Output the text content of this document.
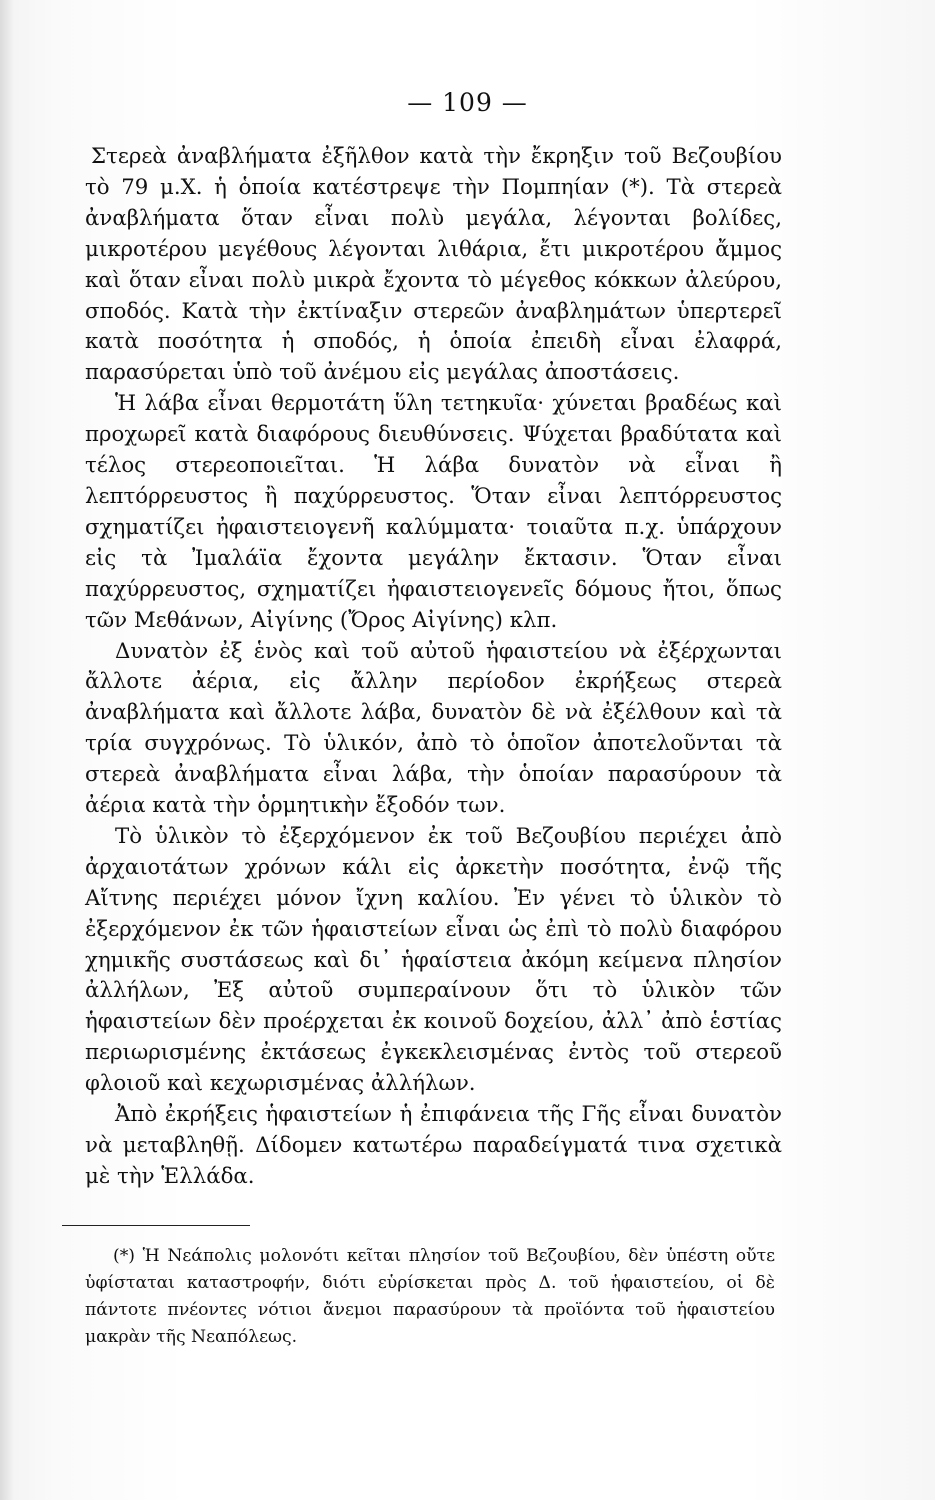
— 109 —

Στερεὰ ἀναβλήματα ἐξῆλθον κατὰ τὴν ἔκρηξιν τοῦ Βεζουβίου τὸ 79 μ.Χ. ἡ ὁποία κατέστρεψε τὴν Πομπηίαν (*). Τὰ στερεὰ ἀναβλήματα ὅταν εἶναι πολὺ μεγάλα, λέγονται βολίδες, μικροτέρου μεγέθους λέγονται λιθάρια, ἔτι μικροτέρου ἄμμος καὶ ὅταν εἶναι πολὺ μικρὰ ἔχοντα τὸ μέγεθος κόκκων ἀλεύρου, σποδός. Κατὰ τὴν ἐκτίναξιν στερεῶν ἀναβλημάτων ὑπερτερεῖ κατὰ ποσότητα ἡ σποδός, ἡ ὁποία ἐπειδὴ εἶναι ἐλαφρά, παρασύρεται ὑπὸ τοῦ ἀνέμου εἰς μεγάλας ἀποστάσεις.

Ἡ λάβα εἶναι θερμοτάτη ὕλη τετηκυῖα· χύνεται βραδέως καὶ προχωρεῖ κατὰ διαφόρους διευθύνσεις. Ψύχεται βραδύτατα καὶ τέλος στερεοποιεῖται. Ἡ λάβα δυνατὸν νὰ εἶναι ἢ λεπτόρρευστος ἢ παχύρρευστος. Ὅταν εἶναι λεπτόρρευστος σχηματίζει ἠφαιστειογενῆ καλύμματα· τοιαῦτα π.χ. ὑπάρχουν εἰς τὰ Ἰμαλάϊα ἔχοντα μεγάλην ἔκτασιν. Ὅταν εἶναι παχύρρευστος, σχηματίζει ἠφαιστειογενεῖς δόμους ἤτοι, ὅπως τῶν Μεθάνων, Αἰγίνης (Ὄρος Αἰγίνης) κλπ.

Δυνατὸν ἐξ ἑνὸς καὶ τοῦ αὐτοῦ ἡφαιστείου νὰ ἐξέρχωνται ἄλλοτε ἀέρια, εἰς ἄλλην περίοδον ἐκρήξεως στερεὰ ἀναβλήματα καὶ ἄλλοτε λάβα, δυνατὸν δὲ νὰ ἐξέλθουν καὶ τὰ τρία συγχρόνως. Τὸ ὑλικόν, ἀπὸ τὸ ὁποῖον ἀποτελοῦνται τὰ στερεὰ ἀναβλήματα εἶναι λάβα, τὴν ὁποίαν παρασύρουν τὰ ἀέρια κατὰ τὴν ὁρμητικὴν ἔξοδόν των.

Τὸ ὑλικὸν τὸ ἐξερχόμενον ἐκ τοῦ Βεζουβίου περιέχει ἀπὸ ἀρχαιοτάτων χρόνων κάλι εἰς ἀρκετὴν ποσότητα, ἐνῷ τῆς Αἴτνης περιέχει μόνον ἴχνη καλίου. Ἐν γένει τὸ ὑλικὸν τὸ ἐξερχόμενον ἐκ τῶν ἡφαιστείων εἶναι ὡς ἐπὶ τὸ πολὺ διαφόρου χημικῆς συστάσεως καὶ δι᾽ ἡφαίστεια ἀκόμη κείμενα πλησίον ἀλλήλων, Ἐξ αὐτοῦ συμπεραίνουν ὅτι τὸ ὑλικὸν τῶν ἡφαιστείων δὲν προέρχεται ἐκ κοινοῦ δοχείου, ἀλλ᾽ ἀπὸ ἑστίας περιωρισμένης ἐκτάσεως ἐγκεκλεισμένας ἐντὸς τοῦ στερεοῦ φλοιοῦ καὶ κεχωρισμένας ἀλλήλων.

Ἀπὸ ἐκρήξεις ἡφαιστείων ἡ ἐπιφάνεια τῆς Γῆς εἶναι δυνατὸν νὰ μεταβληθῇ. Δίδομεν κατωτέρω παραδείγματά τινα σχετικὰ μὲ τὴν Ἑλλάδα.

(*) Ἡ Νεάπολις μολονότι κεῖται πλησίον τοῦ Βεζουβίου, δὲν ὑπέστη οὔτε ὑφίσταται καταστροφήν, διότι εὑρίσκεται πρὸς Δ. τοῦ ἡφαιστείου, οἱ δὲ πάντοτε πνέοντες νότιοι ἄνεμοι παρασύρουν τὰ προϊόντα τοῦ ἡφαιστείου μακρὰν τῆς Νεαπόλεως.
